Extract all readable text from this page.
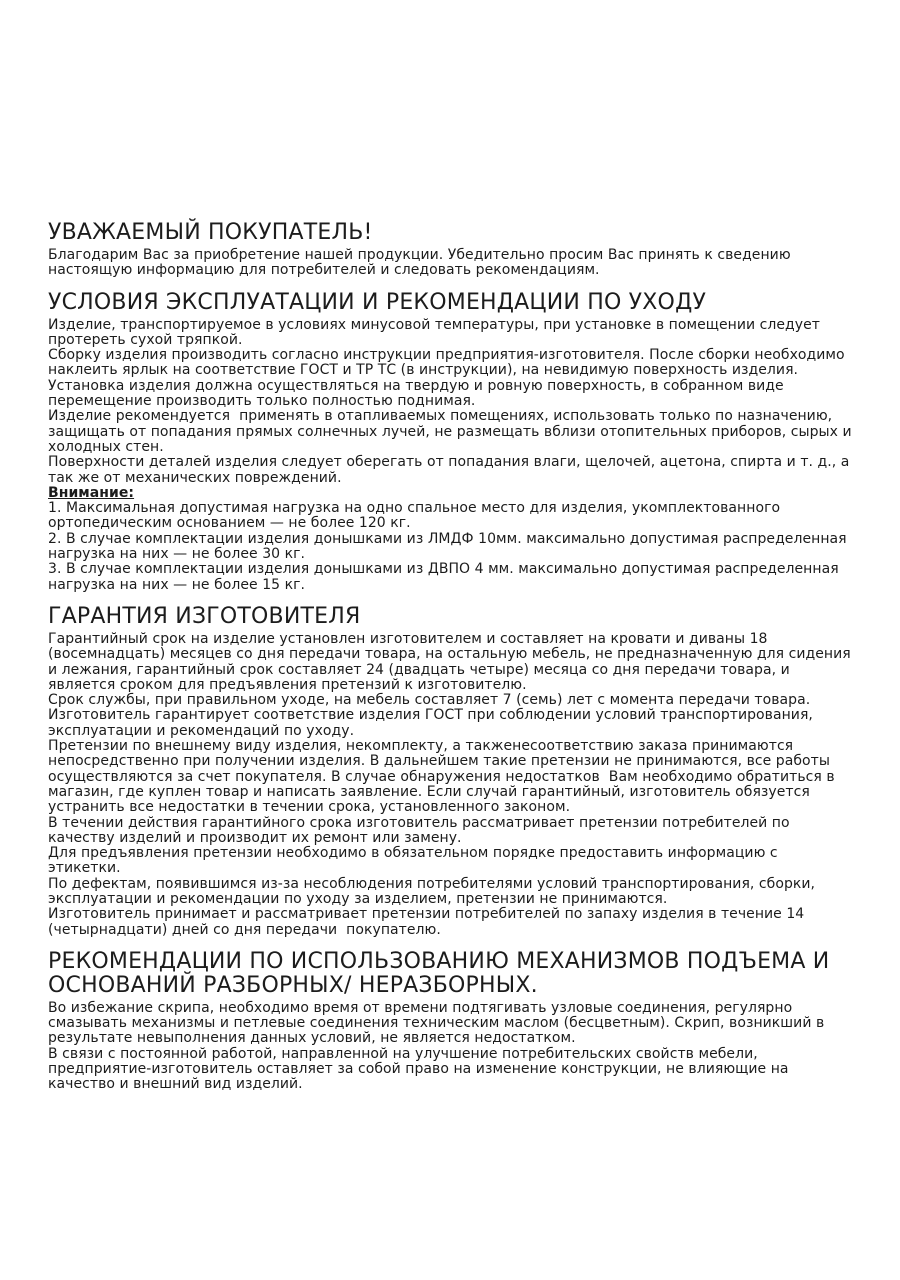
УВАЖАЕМЫЙ ПОКУПАТЕЛЬ!

Благодарим Вас за приобретение нашей продукции. Убедительно просим Вас принять к сведению настоящую информацию для потребителей и следовать рекомендациям.

УСЛОВИЯ ЭКСПЛУАТАЦИИ И РЕКОМЕНДАЦИИ ПО УХОДУ

Изделие, транспортируемое в условиях минусовой температуры, при установке в помещении следует протереть сухой тряпкой.

Сборку изделия производить согласно инструкции предприятия-изготовителя. После сборки необходимо наклеить ярлык на соответствие ГОСТ и ТР ТС (в инструкции), на невидимую поверхность изделия.

Установка изделия должна осуществляться на твердую и ровную поверхность, в собранном виде перемещение производить только полностью поднимая.

Изделие рекомендуется  применять в отапливаемых помещениях, использовать только по назначению, защищать от попадания прямых солнечных лучей, не размещать вблизи отопительных приборов, сырых и холодных стен.

Поверхности деталей изделия следует оберегать от попадания влаги, щелочей, ацетона, спирта и т. д., а так же от механических повреждений.

Внимание:

1. Максимальная допустимая нагрузка на одно спальное место для изделия, укомплектованного ортопедическим основанием — не более 120 кг.

2. В случае комплектации изделия донышками из ЛМДФ 10мм. максимально допустимая распределенная нагрузка на них — не более 30 кг.

3. В случае комплектации изделия донышками из ДВПО 4 мм. максимально допустимая распределенная нагрузка на них — не более 15 кг.

ГАРАНТИЯ ИЗГОТОВИТЕЛЯ

Гарантийный срок на изделие установлен изготовителем и составляет на кровати и диваны 18 (восемнадцать) месяцев со дня передачи товара, на остальную мебель, не предназначенную для сидения и лежания, гарантийный срок составляет 24 (двадцать четыре) месяца со дня передачи товара, и является сроком для предъявления претензий к изготовителю.

Срок службы, при правильном уходе, на мебель составляет 7 (семь) лет с момента передачи товара.

Изготовитель гарантирует соответствие изделия ГОСТ при соблюдении условий транспортирования, эксплуатации и рекомендаций по уходу.

Претензии по внешнему виду изделия, некомплекту, а такженесоответствию заказа принимаются непосредственно при получении изделия. В дальнейшем такие претензии не принимаются, все работы осуществляются за счет покупателя. В случае обнаружения недостатков  Вам необходимо обратиться в магазин, где куплен товар и написать заявление. Если случай гарантийный, изготовитель обязуется устранить все недостатки в течении срока, установленного законом.

В течении действия гарантийного срока изготовитель рассматривает претензии потребителей по качеству изделий и производит их ремонт или замену.

Для предъявления претензии необходимо в обязательном порядке предоставить информацию с этикетки.

По дефектам, появившимся из-за несоблюдения потребителями условий транспортирования, сборки, эксплуатации и рекомендации по уходу за изделием, претензии не принимаются.

Изготовитель принимает и рассматривает претензии потребителей по запаху изделия в течение 14 (четырнадцати) дней со дня передачи  покупателю.

РЕКОМЕНДАЦИИ ПО ИСПОЛЬЗОВАНИЮ МЕХАНИЗМОВ ПОДЪЕМА И ОСНОВАНИЙ РАЗБОРНЫХ/ НЕРАЗБОРНЫХ.

Во избежание скрипа, необходимо время от времени подтягивать узловые соединения, регулярно смазывать механизмы и петлевые соединения техническим маслом (бесцветным). Скрип, возникший в результате невыполнения данных условий, не является недостатком.

В связи с постоянной работой, направленной на улучшение потребительских свойств мебели, предприятие-изготовитель оставляет за собой право на изменение конструкции, не влияющие на качество и внешний вид изделий.
